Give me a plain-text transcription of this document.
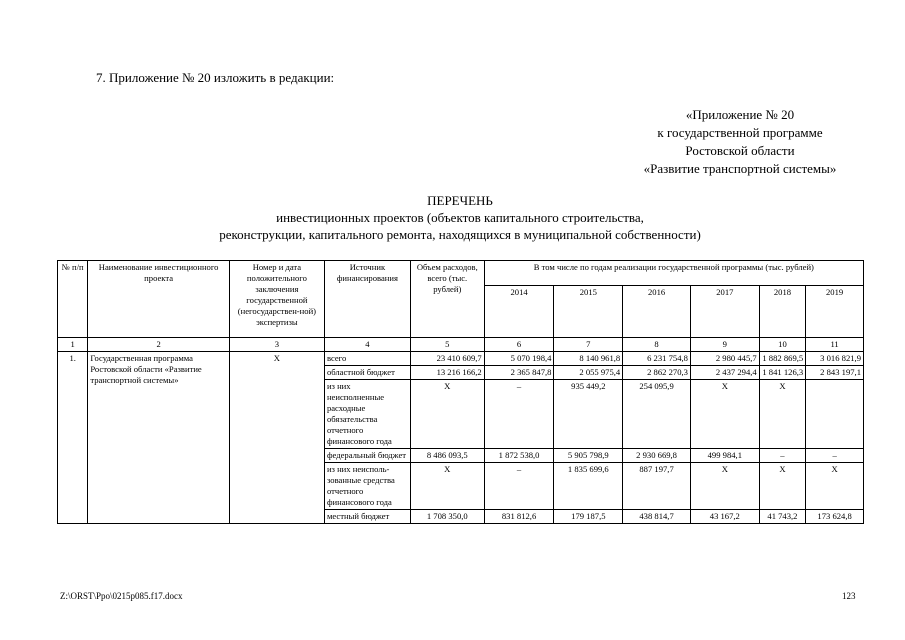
7. Приложение № 20 изложить в редакции:
«Приложение № 20
к государственной программе
Ростовской области
«Развитие транспортной системы»
ПЕРЕЧЕНЬ
инвестиционных проектов (объектов капитального строительства,
реконструкции, капитального ремонта, находящихся в муниципальной собственности)
№ п/п	Наименование инвестиционного проекта	Номер и дата положительного заключения государственной (негосударствен-ной) экспертизы	Источник финансирования	Объем расходов, всего (тыс. рублей)	В том числе по годам реализации государственной программы (тыс. рублей)					
					2014	2015	2016	2017	2018	2019
1	2	3	4	5	6	7	8	9	10	11
1.	Государственная программа Ростовской области «Развитие транспортной системы»	Х	всего	23 410 609,7	5 070 198,4	8 140 961,8	6 231 754,8	2 980 445,7	1 882 869,5	3 016 821,9
			областной бюджет	13 216 166,2	2 365 847,8	2 055 975,4	2 862 270,3	2 437 294,4	1 841 126,3	2 843 197,1
			из них неисполненные расходные обязательства отчетного финансового года	Х	–	935 449,2	254 095,9	Х	Х	
			федеральный бюджет	8 486 093,5	1 872 538,0	5 905 798,9	2 930 669,8	499 984,1	–	–
			из них неисполь-зованные средства отчетного финансового года	Х	–	1 835 699,6	887 197,7	Х	Х	Х
			местный бюджет	1 708 350,0	831 812,6	179 187,5	438 814,7	43 167,2	41 743,2	173 624,8
Z:\ORST\Ppo\0215p085.f17.docx	123
